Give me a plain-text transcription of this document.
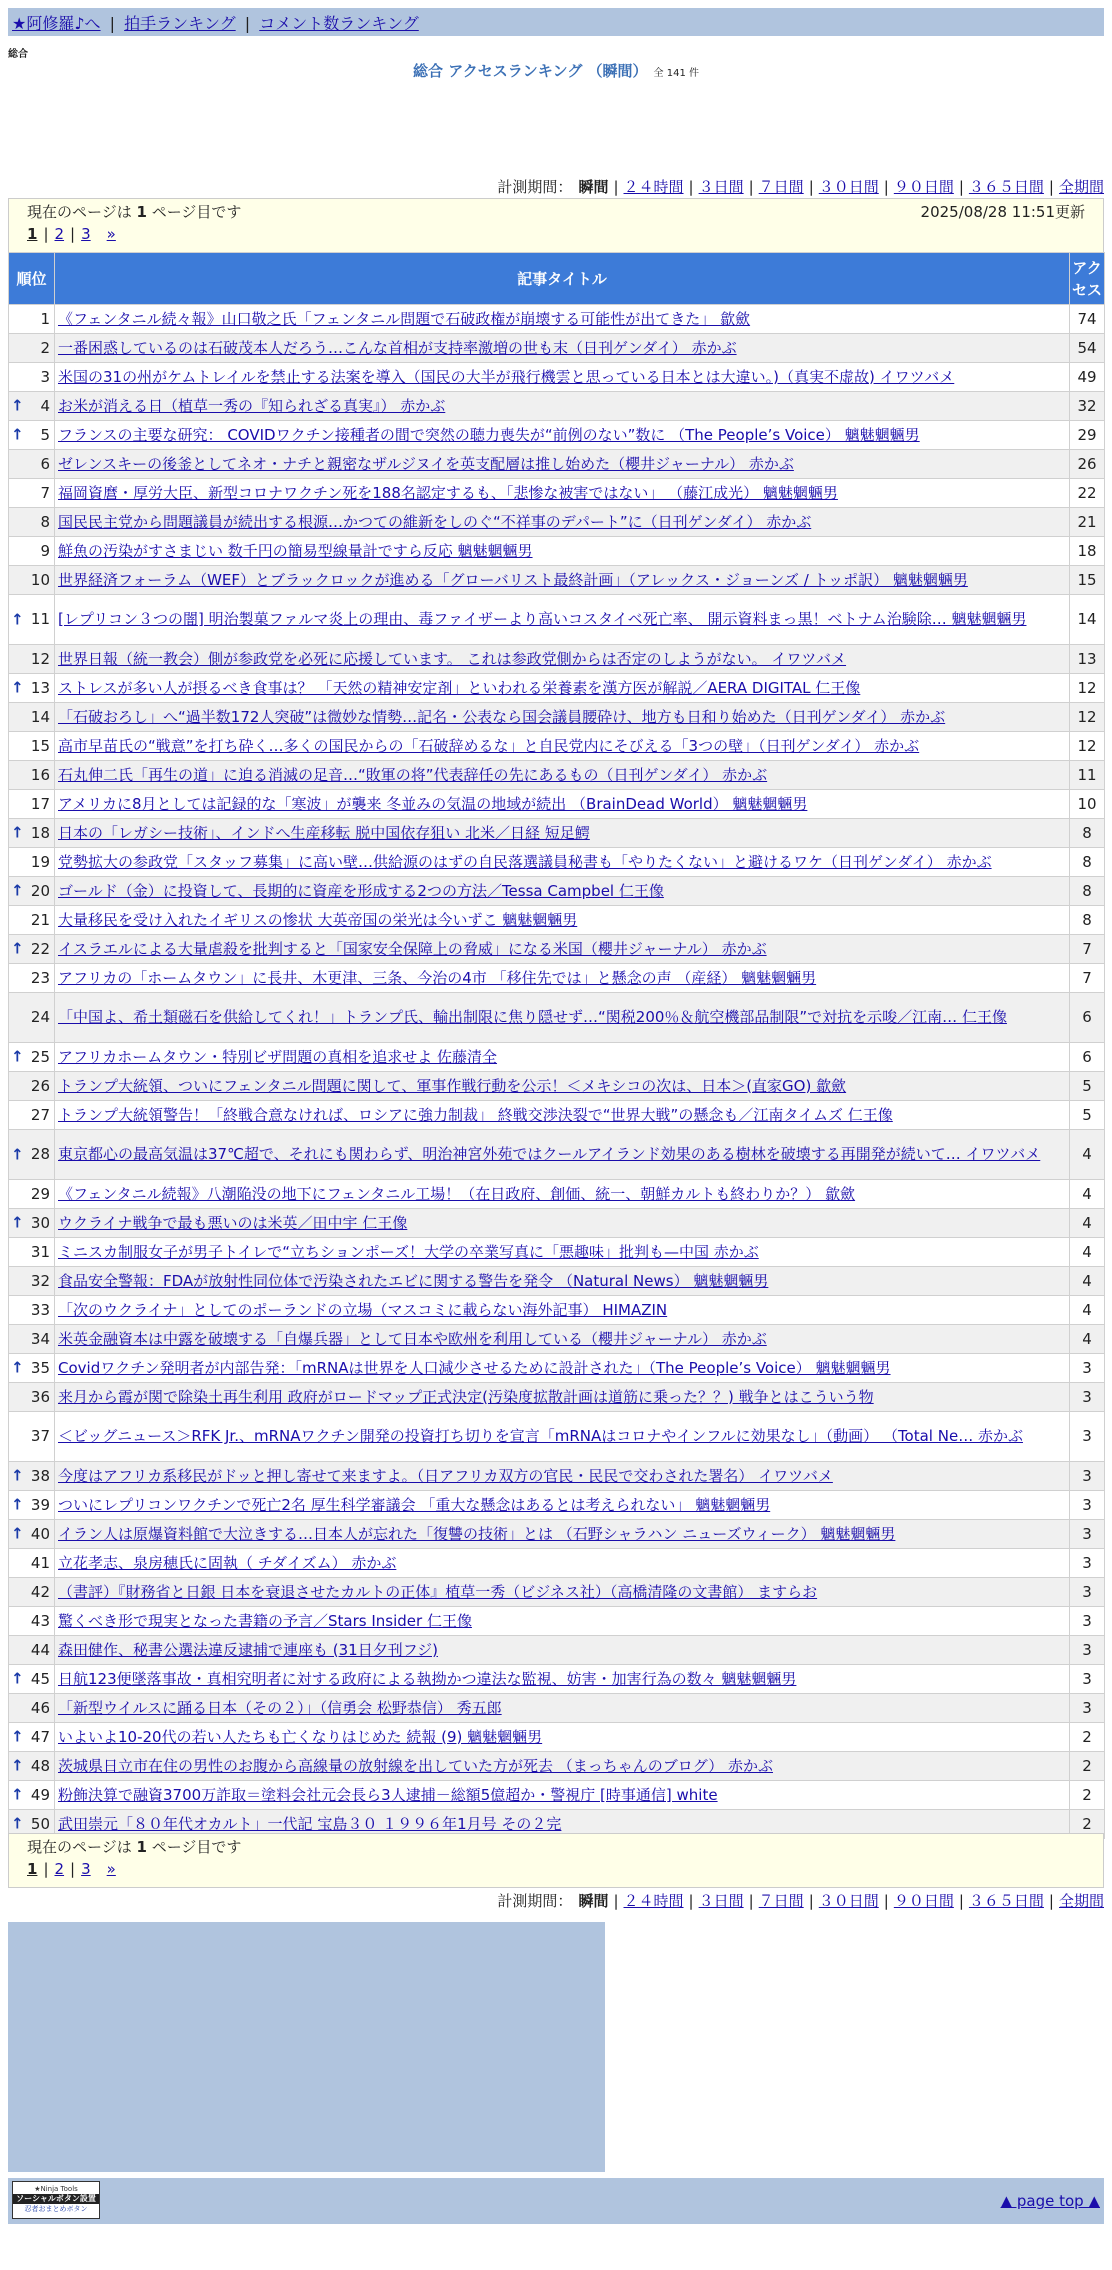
★阿修羅♪へ | 拍手ランキング | コメント数ランキング
総合
総合 アクセスランキング （瞬間） 全 141 件
計測期間： 瞬間 | ２４時間 | ３日間 | ７日間 | ３０日間 | ９０日間 | ３６５日間 | 全期間
現在のページは 1 ページ目です	2025/08/28 11:51更新
1 | 2 | 3 »
順位	記事タイトル	アクセス
1	《フェンタニル続々報》山口敬之氏「フェンタニル問題で石破政権が崩壊する可能性が出てきた」 歙歛	74
2	一番困惑しているのは石破茂本人だろう…こんな首相が支持率激増の世も末（日刊ゲンダイ） 赤かぶ	54
3	米国の31の州がケムトレイルを禁止する法案を導入（国民の大半が飛行機雲と思っている日本とは大違い。)（真実不虚故) イワツバメ	49

↑ 4	お米が消える日（植草一秀の『知られざる真実』） 赤かぶ	32

↑ 5	フランスの主要な研究： COVIDワクチン接種者の間で突然の聴力喪失が“前例のない”数に （The People’s Voice） 魑魅魍魎男	29
6	ゼレンスキーの後釜としてネオ・ナチと親密なザルジヌイを英支配層は推し始めた（櫻井ジャーナル） 赤かぶ	26
7	福岡資麿・厚労大臣、新型コロナワクチン死を188名認定するも、「悲惨な被害ではない」 （藤江成光） 魑魅魍魎男	22
8	国民民主党から問題議員が続出する根源…かつての維新をしのぐ“不祥事のデパート”に（日刊ゲンダイ） 赤かぶ	21
9	鮮魚の汚染がすさまじい 数千円の簡易型線量計ですら反応 魑魅魍魎男	18
10	世界経済フォーラム（WEF）とブラックロックが進める「グローバリスト最終計画」（アレックス・ジョーンズ / トッポ訳） 魑魅魍魎男	15

↑ 11	[レプリコン３つの闇] 明治製菓ファルマ炎上の理由、毒ファイザーより高いコスタイベ死亡率、 開示資料まっ黒！ベトナム治験除… 魑魅魍魎男	14
12	世界日報（統一教会）側が参政党を必死に応援しています。 これは参政党側からは否定のしようがない。 イワツバメ	13

↑ 13	ストレスが多い人が摂るべき食事は？ 「天然の精神安定剤」といわれる栄養素を漢方医が解説／AERA DIGITAL 仁王像	12
14	「石破おろし」へ“過半数172人突破”は微妙な情勢…記名・公表なら国会議員腰砕け、地方も日和り始めた（日刊ゲンダイ） 赤かぶ	12
15	高市早苗氏の“戦意”を打ち砕く…多くの国民からの「石破辞めるな」と自民党内にそびえる「3つの壁」（日刊ゲンダイ） 赤かぶ	12
16	石丸伸二氏「再生の道」に迫る消滅の足音…“敗軍の将”代表辞任の先にあるもの（日刊ゲンダイ） 赤かぶ	11
17	アメリカに8月としては記録的な「寒波」が襲来 冬並みの気温の地域が続出 （BrainDead World） 魑魅魍魎男	10

↑ 18	日本の「レガシー技術」、インドへ生産移転 脱中国依存狙い 北米／日経 短足鰐	8
19	党勢拡大の参政党「スタッフ募集」に高い壁…供給源のはずの自民落選議員秘書も「やりたくない」と避けるワケ（日刊ゲンダイ） 赤かぶ	8

↑ 20	ゴールド（金）に投資して、長期的に資産を形成する2つの方法／Tessa Campbel 仁王像	8
21	大量移民を受け入れたイギリスの惨状 大英帝国の栄光は今いずこ 魑魅魍魎男	8

↑ 22	イスラエルによる大量虐殺を批判すると「国家安全保障上の脅威」になる米国（櫻井ジャーナル） 赤かぶ	7
23	アフリカの「ホームタウン」に長井、木更津、三条、今治の4市 「移住先では」と懸念の声 （産経） 魑魅魍魎男	7
24	「中国よ、希土類磁石を供給してくれ！」トランプ氏、輸出制限に焦り隠せず…“関税200％＆航空機部品制限”で対抗を示唆／江南… 仁王像	6

↑ 25	アフリカホームタウン・特別ビザ問題の真相を追求せよ 佐藤清全	6
26	トランプ大統領、ついにフェンタニル問題に関して、軍事作戦行動を公示！＜メキシコの次は、日本＞(直家GO) 歙歛	5
27	トランプ大統領警告！「終戦合意なければ、ロシアに強力制裁」 終戦交渉決裂で“世界大戦”の懸念も／江南タイムズ 仁王像	5

↑ 28	東京都心の最高気温は37℃超で、それにも関わらず、明治神宮外苑ではクールアイランド効果のある樹林を破壊する再開発が続いて… イワツバメ	4
29	《フェンタニル続報》八潮陥没の地下にフェンタニル工場！（在日政府、創価、統一、朝鮮カルトも終わりか？） 歙歛	4

↑ 30	ウクライナ戦争で最も悪いのは米英／田中宇 仁王像	4
31	ミニスカ制服女子が男子トイレで“立ちションポーズ！大学の卒業写真に「悪趣味」批判も—中国 赤かぶ	4
32	食品安全警報：FDAが放射性同位体で汚染されたエビに関する警告を発令 （Natural News） 魑魅魍魎男	4
33	「次のウクライナ」としてのポーランドの立場（マスコミに載らない海外記事） HIMAZIN	4
34	米英金融資本は中露を破壊する「自爆兵器」として日本や欧州を利用している（櫻井ジャーナル） 赤かぶ	4

↑ 35	Covidワクチン発明者が内部告発：「mRNAは世界を人口減少させるために設計された」（The People’s Voice） 魑魅魍魎男	3
36	来月から霞が関で除染土再生利用 政府がロードマップ正式決定(汚染度拡散計画は道筋に乗った？？) 戦争とはこういう物	3
37	＜ビッグニュース＞RFK Jr.、mRNAワクチン開発の投資打ち切りを宣言「mRNAはコロナやインフルに効果なし」（動画） （Total Ne… 赤かぶ	3

↑ 38	今度はアフリカ系移民がドッと押し寄せて来ますよ。（日アフリカ双方の官民・民民で交わされた署名） イワツバメ	3

↑ 39	ついにレプリコンワクチンで死亡2名 厚生科学審議会 「重大な懸念はあるとは考えられない」 魑魅魍魎男	3

↑ 40	イラン人は原爆資料館で大泣きする…日本人が忘れた「復讐の技術」とは （石野シャラハン ニューズウィーク） 魑魅魍魎男	3
41	立花孝志、泉房穂氏に固執（ チダイズム） 赤かぶ	3
42	（書評）『財務省と日銀 日本を衰退させたカルトの正体』植草一秀（ビジネス社）（高橋清隆の文書館） ますらお	3
43	驚くべき形で現実となった書籍の予言／Stars Insider 仁王像	3
44	森田健作、秘書公選法違反逮捕で連座も (31日夕刊フジ)	3

↑ 45	日航123便墜落事故・真相究明者に対する政府による執拗かつ違法な監視、妨害・加害行為の数々 魑魅魍魎男	3
46	「新型ウイルスに踊る日本（その２）」（信勇会 松野恭信） 秀五郎	3

↑ 47	いよいよ10-20代の若い人たちも亡くなりはじめた 続報 (9) 魑魅魍魎男	2

↑ 48	茨城県日立市在住の男性のお腹から高線量の放射線を出していた方が死去 （まっちゃんのブログ） 赤かぶ	2

↑ 49	粉飾決算で融資3700万詐取＝塗料会社元会長ら3人逮捕－総額5億超か・警視庁 [時事通信] white	2

↑ 50	武田崇元「８０年代オカルト」一代記 宝島３０ １９９６年1月号 その２完	2
計測期間： 瞬間 | ２４時間 | ３日間 | ７日間 | ３０日間 | ９０日間 | ３６５日間 | 全期間
★Ninja Tools
ソーシャルボタン設置
忍者おまとめボタン	▲ page top ▲
現在のページは 1 ページ目です
1 | 2 | 3 »
